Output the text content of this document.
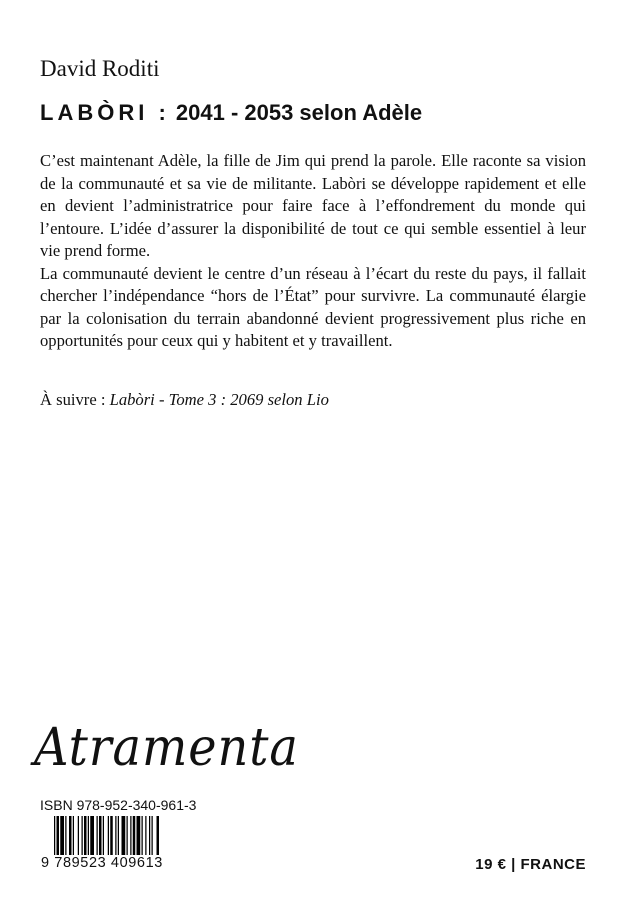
David Roditi
LABÒRI : 2041 - 2053 selon Adèle

C’est maintenant Adèle, la fille de Jim qui prend la parole. Elle raconte sa vision de la communauté et sa vie de militante. Labòri se développe rapidement et elle en devient l’administratrice pour faire face à l’effondrement du monde qui l’entoure. L’idée d’assurer la disponibilité de tout ce qui semble essentiel à leur vie prend forme.

La communauté devient le centre d’un réseau à l’écart du reste du pays, il fallait chercher l’indépendance “hors de l’État” pour survivre. La communauté élargie par la colonisation du terrain abandonné devient progressivement plus riche en opportunités pour ceux qui y habitent et y travaillent.

À suivre : Labòri - Tome 3 : 2069 selon Lio
Atramenta
ISBN 978-952-340-961-3
9 789523 409613	19 € | FRANCE
